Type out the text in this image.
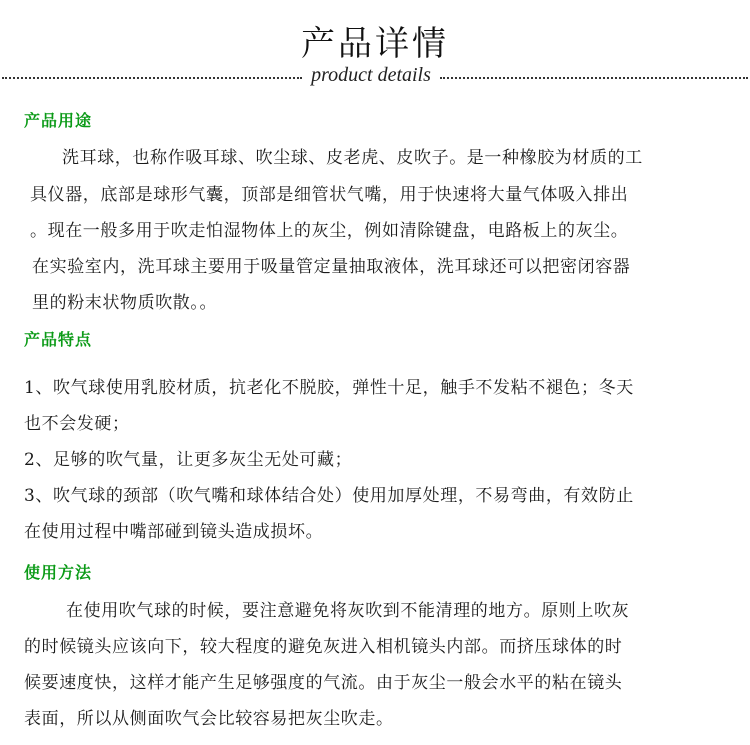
产品详情
product details
产品用途
洗耳球，也称作吸耳球、吹尘球、皮老虎、皮吹子。是一种橡胶为材质的工
具仪器，底部是球形气囊，顶部是细管状气嘴，用于快速将大量气体吸入排出
。现在一般多用于吹走怕湿物体上的灰尘，例如清除键盘，电路板上的灰尘。
在实验室内，洗耳球主要用于吸量管定量抽取液体，洗耳球还可以把密闭容器
里的粉末状物质吹散。。
产品特点
1、吹气球使用乳胶材质，抗老化不脱胶，弹性十足，触手不发粘不褪色；冬天
也不会发硬；
2、足够的吹气量，让更多灰尘无处可藏；
3、吹气球的颈部（吹气嘴和球体结合处）使用加厚处理，不易弯曲，有效防止
在使用过程中嘴部碰到镜头造成损坏。
使用方法
在使用吹气球的时候，要注意避免将灰吹到不能清理的地方。原则上吹灰
的时候镜头应该向下，较大程度的避免灰进入相机镜头内部。而挤压球体的时
候要速度快，这样才能产生足够强度的气流。由于灰尘一般会水平的粘在镜头
表面，所以从侧面吹气会比较容易把灰尘吹走。
